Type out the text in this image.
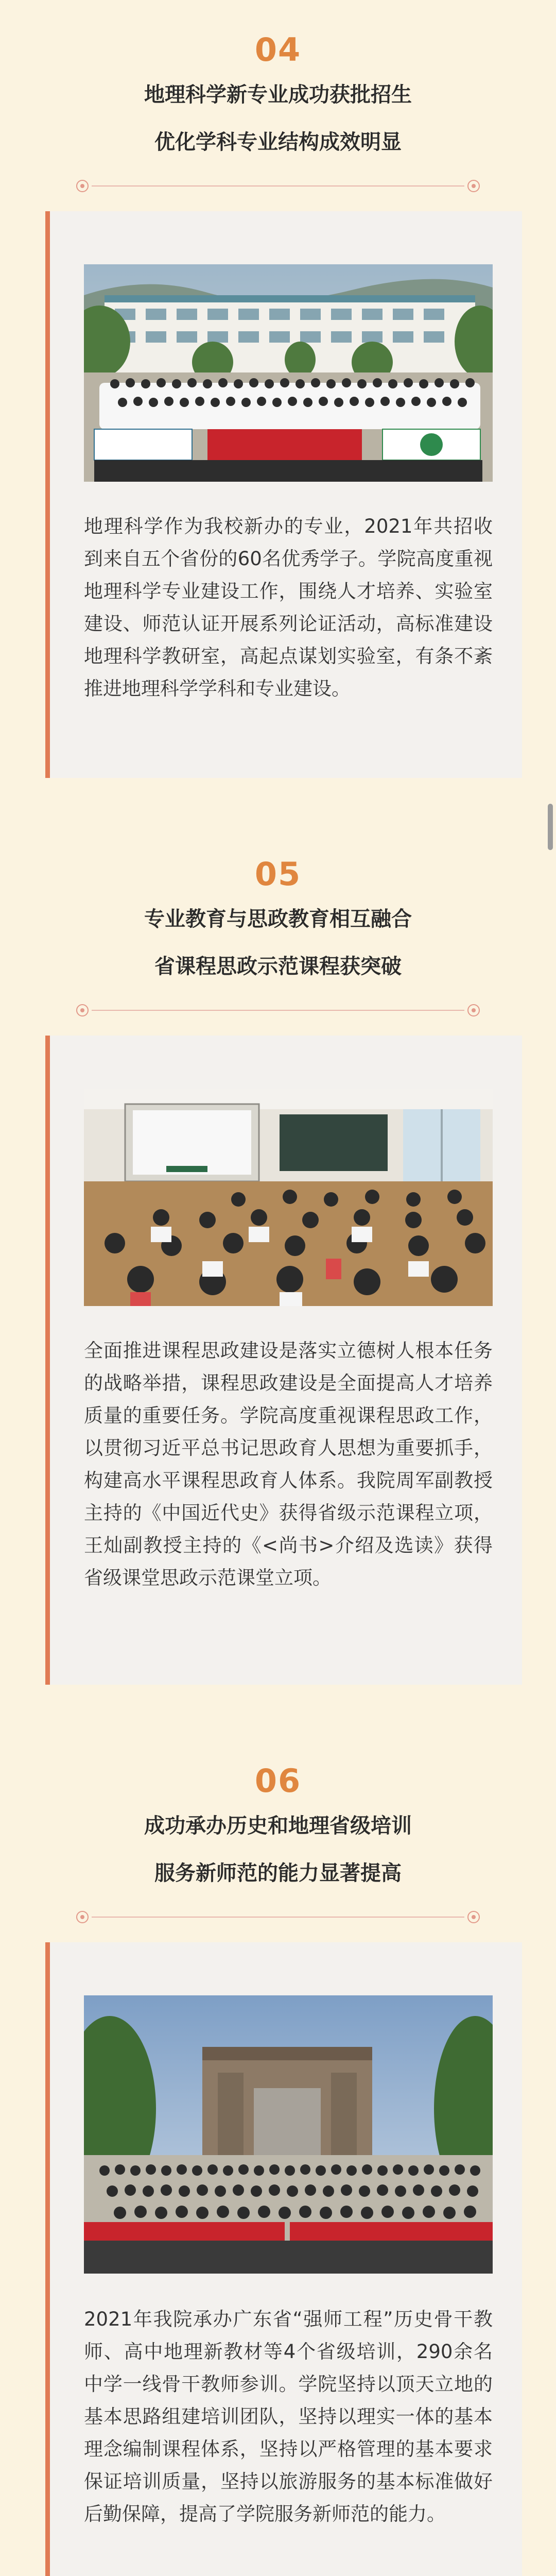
04
地理科学新专业成功获批招生
优化学科专业结构成效明显
地理科学作为我校新办的专业，2021年共招收到来自五个省份的60名优秀学子。学院高度重视地理科学专业建设工作，围绕人才培养、实验室建设、师范认证开展系列论证活动，高标准建设地理科学教研室，高起点谋划实验室，有条不紊推进地理科学学科和专业建设。
05
专业教育与思政教育相互融合
省课程思政示范课程获突破
全面推进课程思政建设是落实立德树人根本任务的战略举措，课程思政建设是全面提高人才培养质量的重要任务。学院高度重视课程思政工作，以贯彻习近平总书记思政育人思想为重要抓手，构建高水平课程思政育人体系。我院周军副教授主持的《中国近代史》获得省级示范课程立项，王灿副教授主持的《<尚书>介绍及选读》获得省级课堂思政示范课堂立项。
06
成功承办历史和地理省级培训
服务新师范的能力显著提高
2021年我院承办广东省“强师工程”历史骨干教师、高中地理新教材等4个省级培训，290余名中学一线骨干教师参训。学院坚持以顶天立地的基本思路组建培训团队，坚持以理实一体的基本理念编制课程体系，坚持以严格管理的基本要求保证培训质量，坚持以旅游服务的基本标准做好后勤保障，提高了学院服务新师范的能力。
